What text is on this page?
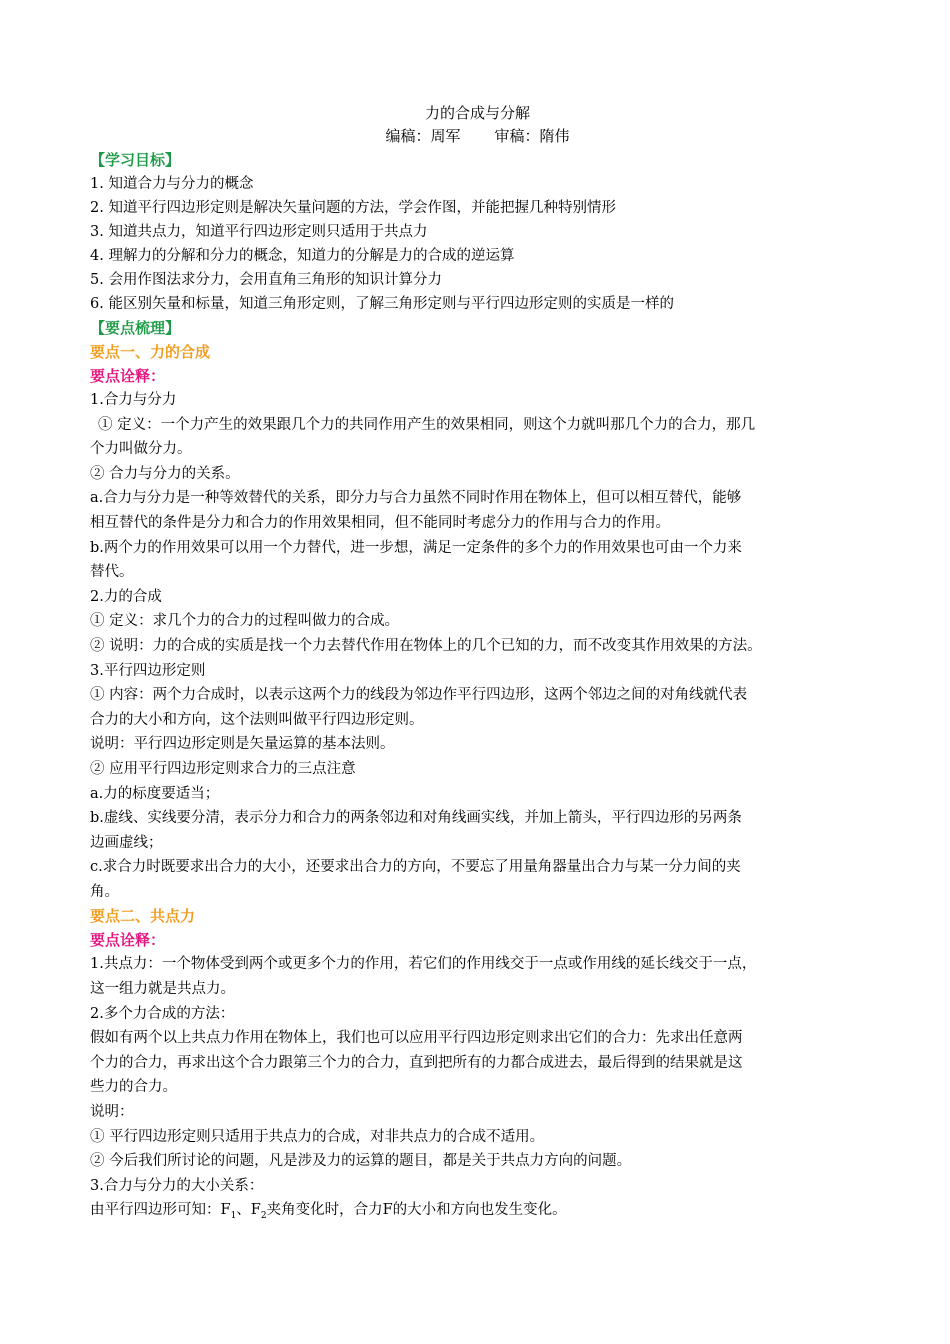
力的合成与分解
编稿：周军 审稿：隋伟
【学习目标】
1. 知道合力与分力的概念
2. 知道平行四边形定则是解决矢量问题的方法，学会作图，并能把握几种特别情形
3. 知道共点力，知道平行四边形定则只适用于共点力
4. 理解力的分解和分力的概念，知道力的分解是力的合成的逆运算
5. 会用作图法求分力，会用直角三角形的知识计算分力
6. 能区别矢量和标量，知道三角形定则，了解三角形定则与平行四边形定则的实质是一样的
【要点梳理】
要点一、力的合成
要点诠释：
1.合力与分力
① 定义：一个力产生的效果跟几个力的共同作用产生的效果相同，则这个力就叫那几个力的合力，那几
个力叫做分力。
② 合力与分力的关系。
a.合力与分力是一种等效替代的关系，即分力与合力虽然不同时作用在物体上，但可以相互替代，能够
相互替代的条件是分力和合力的作用效果相同，但不能同时考虑分力的作用与合力的作用。
b.两个力的作用效果可以用一个力替代，进一步想，满足一定条件的多个力的作用效果也可由一个力来
替代。
2.力的合成
① 定义：求几个力的合力的过程叫做力的合成。
② 说明：力的合成的实质是找一个力去替代作用在物体上的几个已知的力，而不改变其作用效果的方法。
3.平行四边形定则
① 内容：两个力合成时，以表示这两个力的线段为邻边作平行四边形，这两个邻边之间的对角线就代表
合力的大小和方向，这个法则叫做平行四边形定则。
说明：平行四边形定则是矢量运算的基本法则。
② 应用平行四边形定则求合力的三点注意
a.力的标度要适当；
b.虚线、实线要分清，表示分力和合力的两条邻边和对角线画实线，并加上箭头，平行四边形的另两条
边画虚线；
c.求合力时既要求出合力的大小，还要求出合力的方向，不要忘了用量角器量出合力与某一分力间的夹
角。
要点二、共点力
要点诠释：
1.共点力：一个物体受到两个或更多个力的作用，若它们的作用线交于一点或作用线的延长线交于一点，
这一组力就是共点力。
2.多个力合成的方法：
假如有两个以上共点力作用在物体上，我们也可以应用平行四边形定则求出它们的合力：先求出任意两
个力的合力，再求出这个合力跟第三个力的合力，直到把所有的力都合成进去，最后得到的结果就是这
些力的合力。
说明：
① 平行四边形定则只适用于共点力的合成，对非共点力的合成不适用。
② 今后我们所讨论的问题，凡是涉及力的运算的题目，都是关于共点力方向的问题。
3.合力与分力的大小关系：
由平行四边形可知：$F_1$、$F_2$夹角变化时，合力F的大小和方向也发生变化。
